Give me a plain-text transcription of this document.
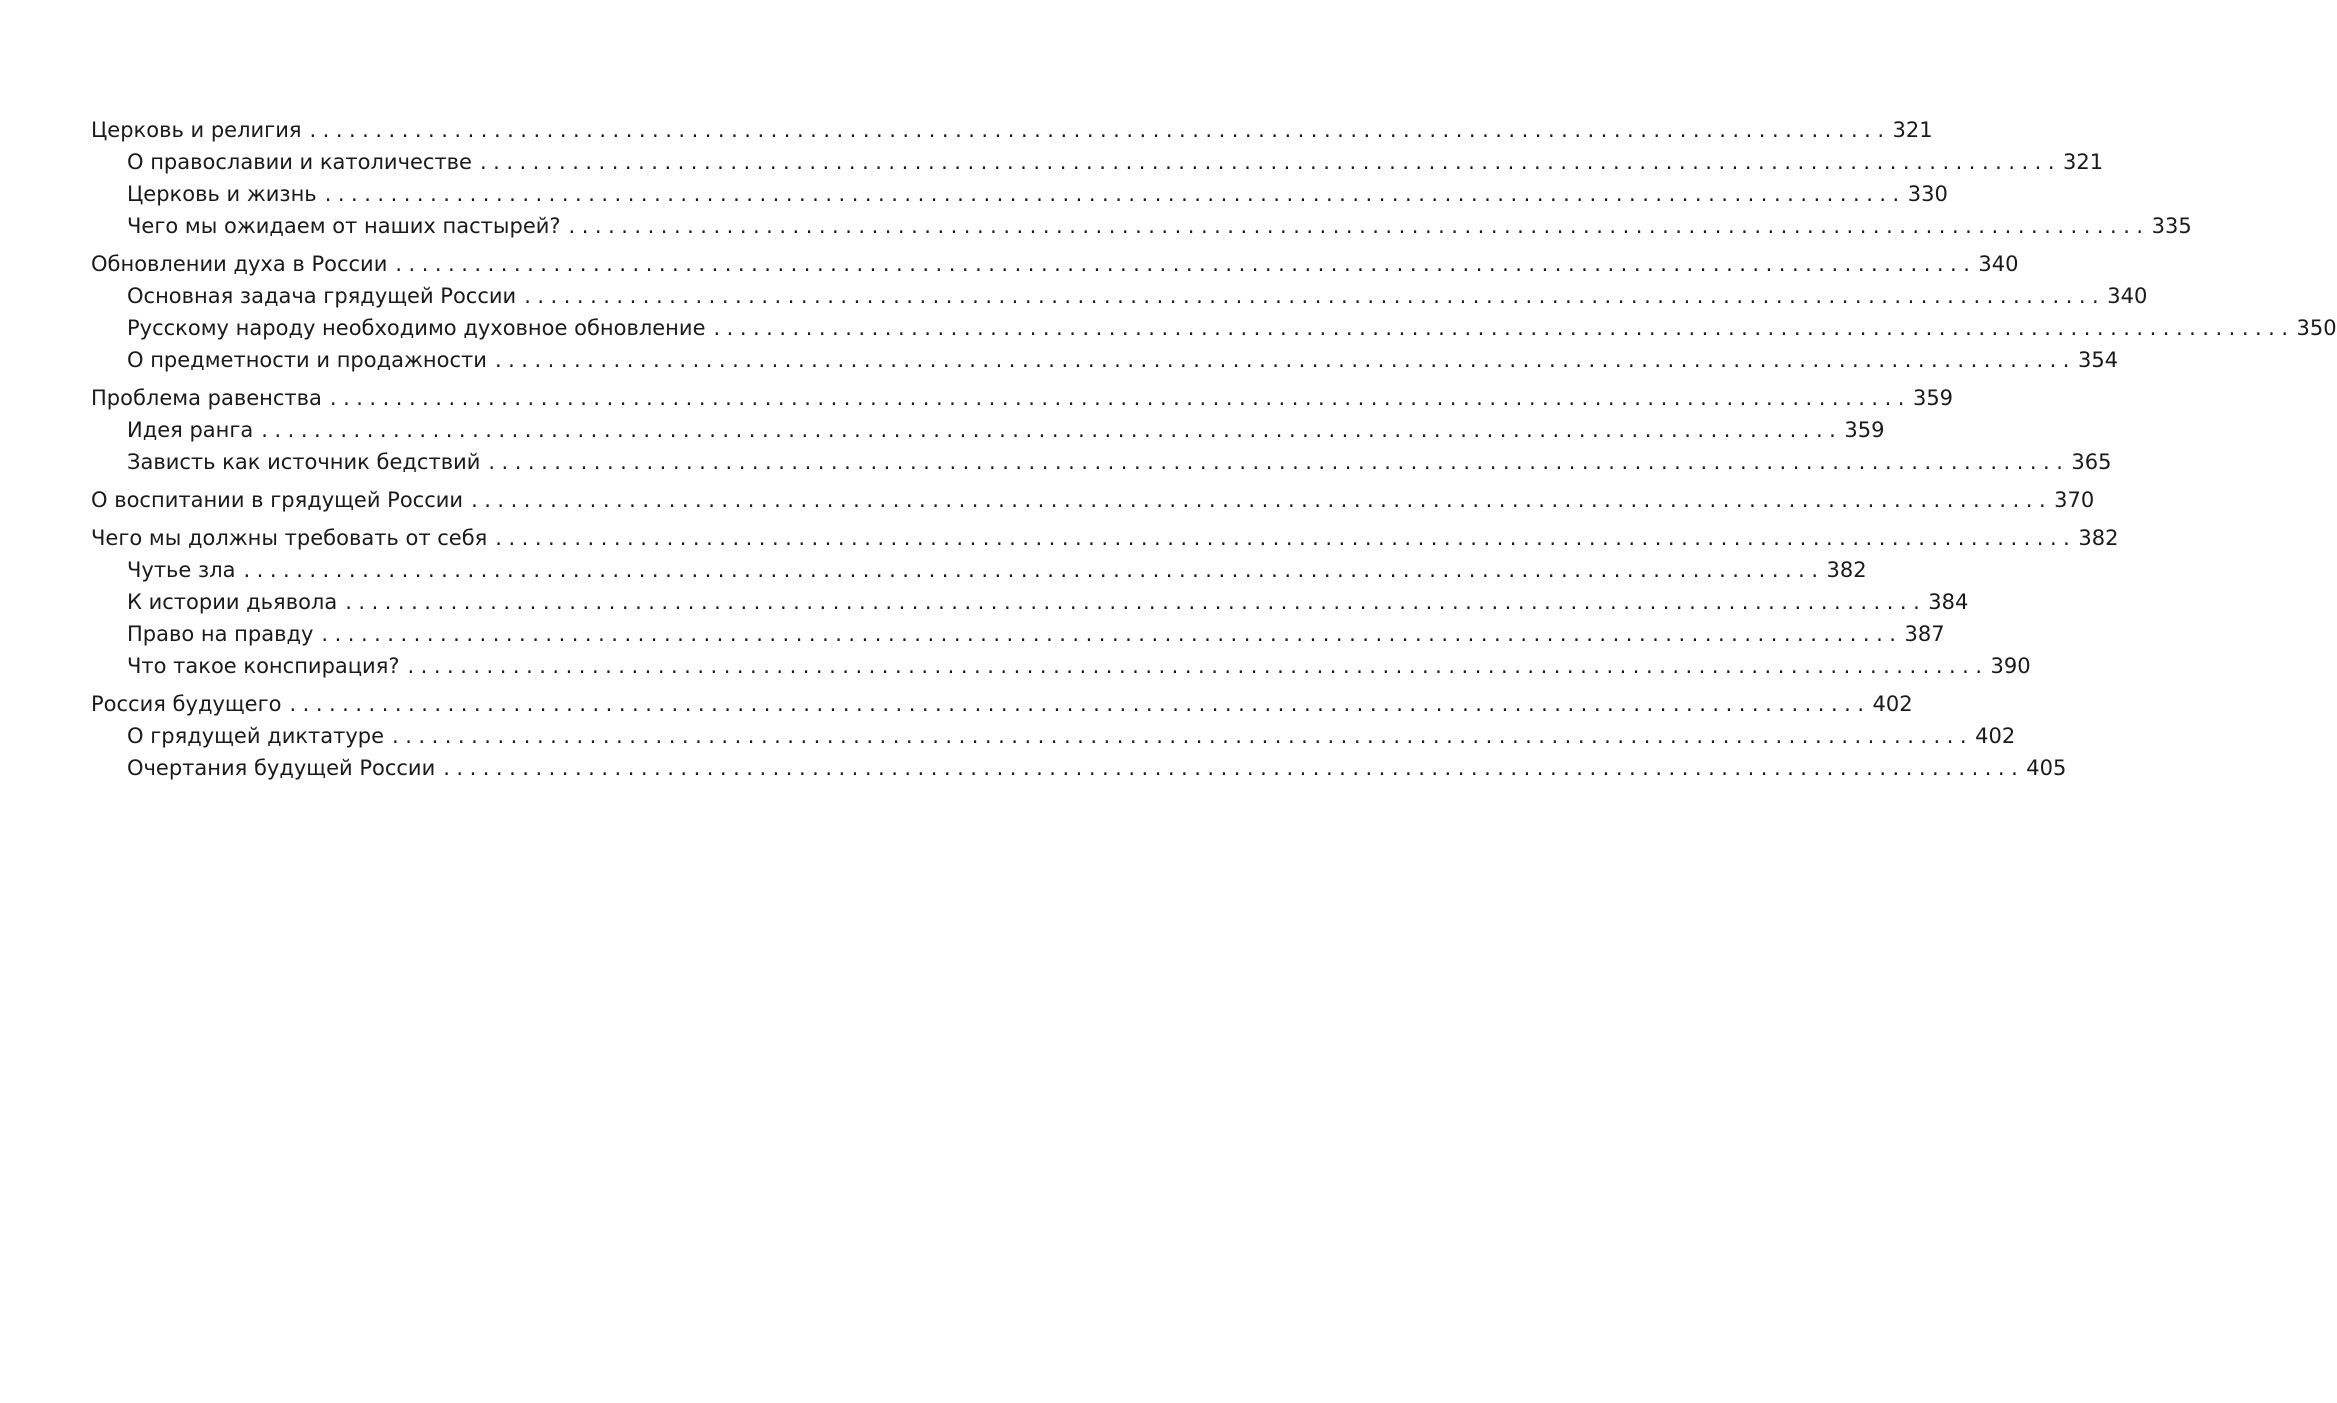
Церковь и религия ........................................................................................................................ 321
О православии и католичестве ........................................................................................................................ 321
Церковь и жизнь ........................................................................................................................ 330
Чего мы ожидаем от наших пастырей? ........................................................................................................................ 335
Обновлении духа в России ........................................................................................................................ 340
Основная задача грядущей России ........................................................................................................................ 340
Русскому народу необходимо духовное обновление ........................................................................................................................ 350
О предметности и продажности ........................................................................................................................ 354
Проблема равенства ........................................................................................................................ 359
Идея ранга ........................................................................................................................ 359
Зависть как источник бедствий ........................................................................................................................ 365
О воспитании в грядущей России ........................................................................................................................ 370
Чего мы должны требовать от себя ........................................................................................................................ 382
Чутье зла ........................................................................................................................ 382
К истории дьявола ........................................................................................................................ 384
Право на правду ........................................................................................................................ 387
Что такое конспирация? ........................................................................................................................ 390
Россия будущего ........................................................................................................................ 402
О грядущей диктатуре ........................................................................................................................ 402
Очертания будущей России ........................................................................................................................ 405
